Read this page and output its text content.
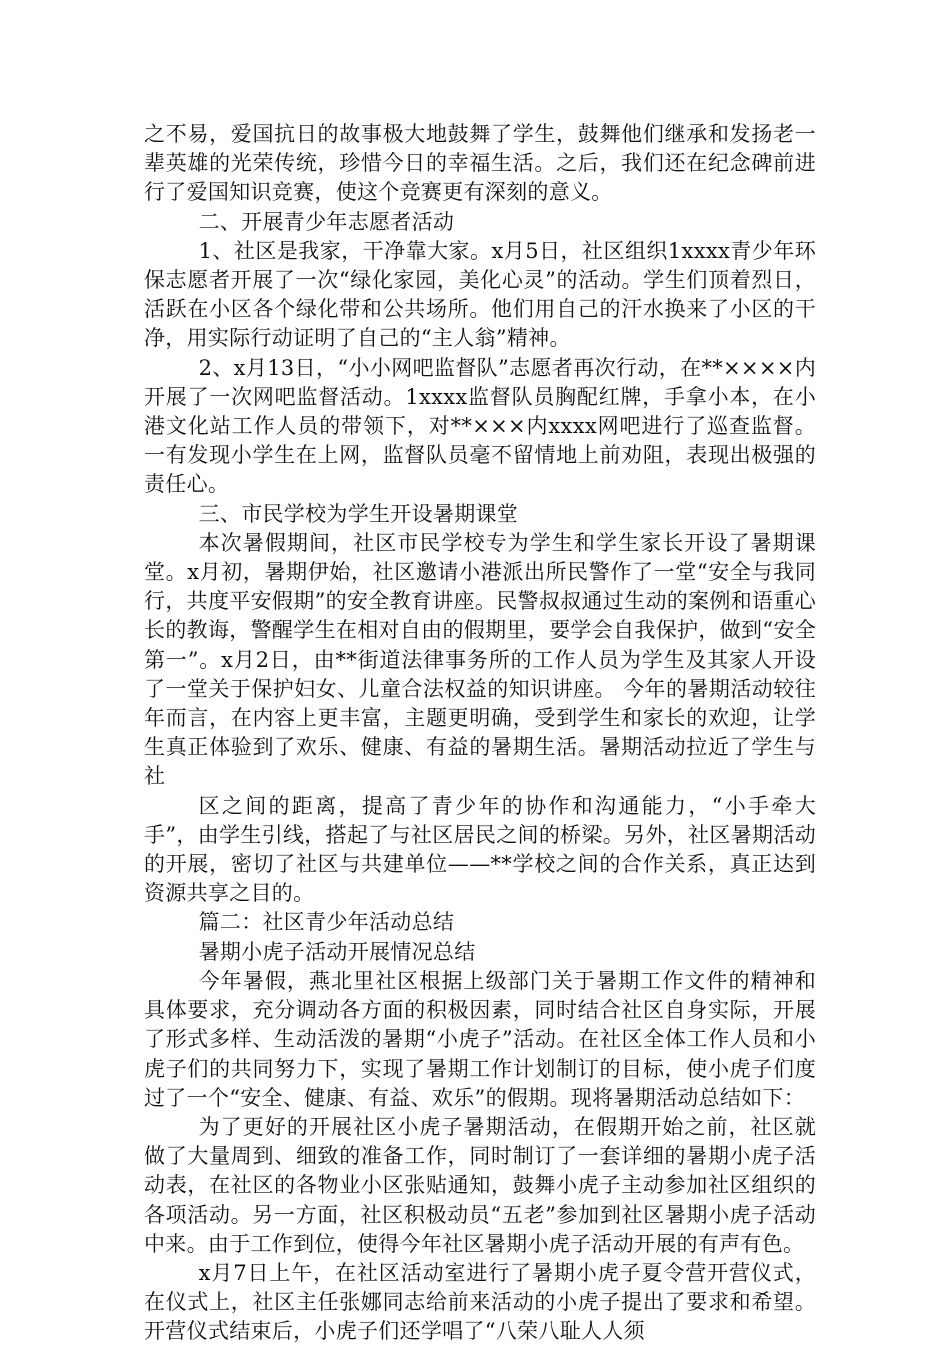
之不易，爱国抗日的故事极大地鼓舞了学生，鼓舞他们继承和发扬老一辈英雄的光荣传统，珍惜今日的幸福生活。之后，我们还在纪念碑前进行了爱国知识竞赛，使这个竞赛更有深刻的意义。

二、开展青少年志愿者活动

1、社区是我家，干净靠大家。x月5日，社区组织1xxxx青少年环保志愿者开展了一次“绿化家园，美化心灵”的活动。学生们顶着烈日，活跃在小区各个绿化带和公共场所。他们用自己的汗水换来了小区的干净，用实际行动证明了自己的“主人翁”精神。

2、x月13日，“小小网吧监督队”志愿者再次行动，在**××××内开展了一次网吧监督活动。1xxxx监督队员胸配红牌，手拿小本，在小港文化站工作人员的带领下，对**×××内xxxx网吧进行了巡查监督。一有发现小学生在上网，监督队员毫不留情地上前劝阻，表现出极强的责任心。

三、市民学校为学生开设暑期课堂

本次暑假期间，社区市民学校专为学生和学生家长开设了暑期课堂。x月初，暑期伊始，社区邀请小港派出所民警作了一堂“安全与我同行，共度平安假期”的安全教育讲座。民警叔叔通过生动的案例和语重心长的教诲，警醒学生在相对自由的假期里，要学会自我保护，做到“安全第一”。x月2日，由**街道法律事务所的工作人员为学生及其家人开设了一堂关于保护妇女、儿童合法权益的知识讲座。 今年的暑期活动较往年而言，在内容上更丰富，主题更明确，受到学生和家长的欢迎，让学生真正体验到了欢乐、健康、有益的暑期生活。暑期活动拉近了学生与社

区之间的距离，提高了青少年的协作和沟通能力，“小手牵大手”，由学生引线，搭起了与社区居民之间的桥梁。另外，社区暑期活动的开展，密切了社区与共建单位——**学校之间的合作关系，真正达到资源共享之目的。

篇二：社区青少年活动总结

暑期小虎子活动开展情况总结

今年暑假，燕北里社区根据上级部门关于暑期工作文件的精神和具体要求，充分调动各方面的积极因素，同时结合社区自身实际，开展了形式多样、生动活泼的暑期“小虎子”活动。在社区全体工作人员和小虎子们的共同努力下，实现了暑期工作计划制订的目标，使小虎子们度过了一个“安全、健康、有益、欢乐”的假期。现将暑期活动总结如下：

为了更好的开展社区小虎子暑期活动，在假期开始之前，社区就做了大量周到、细致的准备工作，同时制订了一套详细的暑期小虎子活动表，在社区的各物业小区张贴通知，鼓舞小虎子主动参加社区组织的各项活动。另一方面，社区积极动员“五老”参加到社区暑期小虎子活动中来。由于工作到位，使得今年社区暑期小虎子活动开展的有声有色。

x月7日上午，在社区活动室进行了暑期小虎子夏令营开营仪式，在仪式上，社区主任张娜同志给前来活动的小虎子提出了要求和希望。开营仪式结束后，小虎子们还学唱了“八荣八耻人人须
